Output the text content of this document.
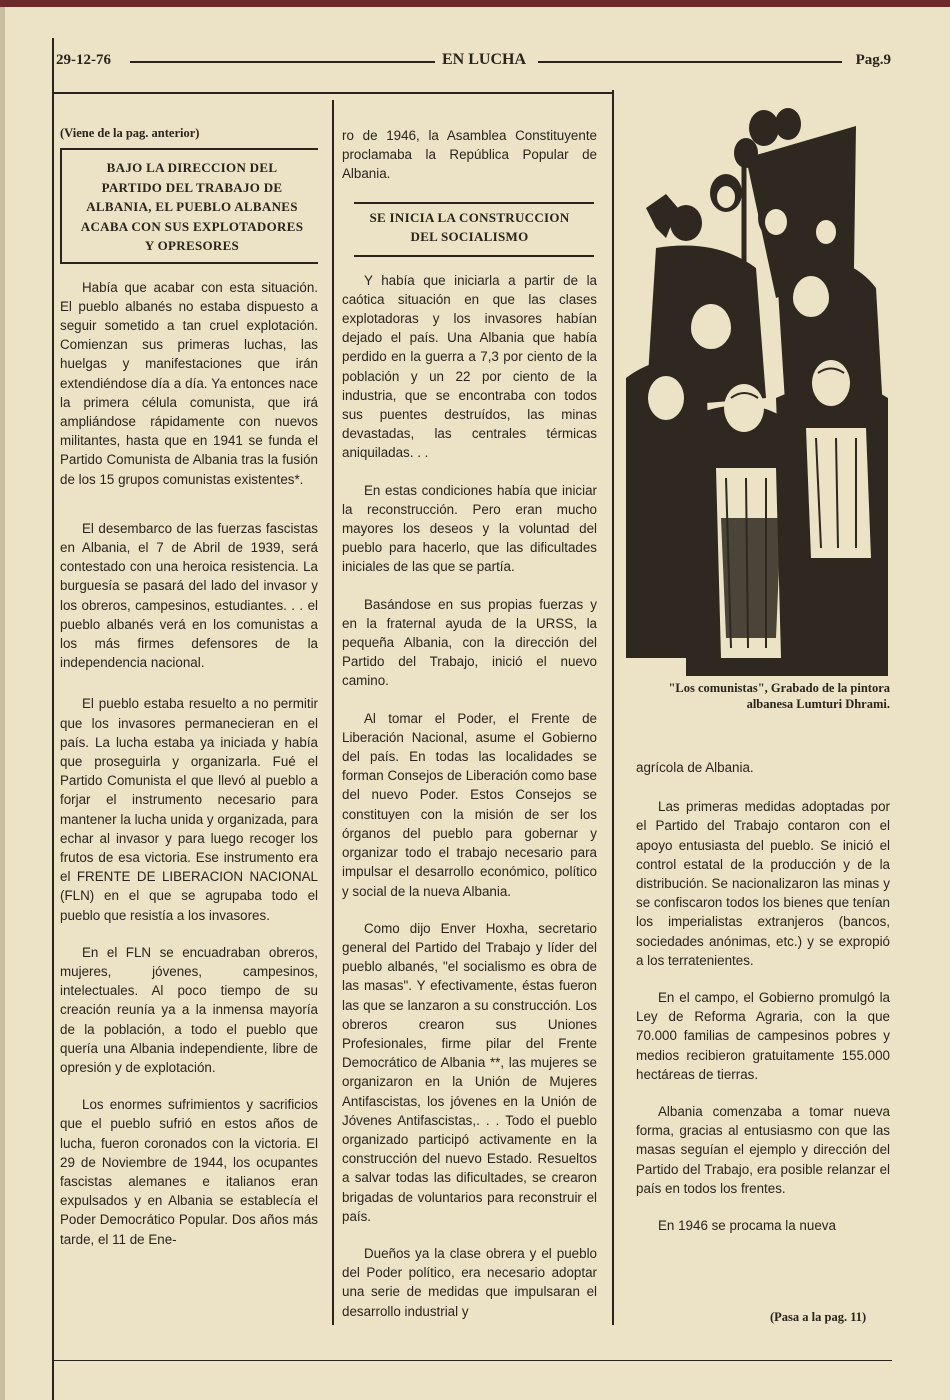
29-12-76	EN LUCHA	Pag.9
(Viene de la pag. anterior)
BAJO LA DIRECCION DEL
PARTIDO DEL TRABAJO DE
ALBANIA, EL PUEBLO ALBANES
ACABA CON SUS EXPLOTADORES
Y OPRESORES

Había que acabar con esta situación. El pueblo albanés no estaba dispuesto a seguir sometido a tan cruel explotación. Comienzan sus primeras luchas, las huelgas y manifestaciones que irán extendiéndose día a día. Ya entonces nace la primera célula comunista, que irá ampliándose rápidamente con nuevos militantes, hasta que en 1941 se funda el Partido Comunista de Albania tras la fusión de los 15 grupos comunistas existentes*.

El desembarco de las fuerzas fascistas en Albania, el 7 de Abril de 1939, será contestado con una heroica resistencia. La burguesía se pasará del lado del invasor y los obreros, campesinos, estudiantes. . . el pueblo albanés verá en los comunistas a los más firmes defensores de la independencia nacional.

El pueblo estaba resuelto a no permitir que los invasores permanecieran en el país. La lucha estaba ya iniciada y había que proseguirla y organizarla. Fué el Partido Comunista el que llevó al pueblo a forjar el instrumento necesario para mantener la lucha unida y organizada, para echar al invasor y para luego recoger los frutos de esa victoria. Ese instrumento era el FRENTE DE LIBERACION NACIONAL (FLN) en el que se agrupaba todo el pueblo que resistía a los invasores.

En el FLN se encuadraban obreros, mujeres, jóvenes, campesinos, intelectuales. Al poco tiempo de su creación reunía ya a la inmensa mayoría de la población, a todo el pueblo que quería una Albania independiente, libre de opresión y de explotación.

Los enormes sufrimientos y sacrificios que el pueblo sufrió en estos años de lucha, fueron coronados con la victoria. El 29 de Noviembre de 1944, los ocupantes fascistas alemanes e italianos eran expulsados y en Albania se establecía el Poder Democrático Popular. Dos años más tarde, el 11 de Ene-

ro de 1946, la Asamblea Constituyente proclamaba la República Popular de Albania.

SE INICIA LA CONSTRUCCION
DEL SOCIALISMO

Y había que iniciarla a partir de la caótica situación en que las clases explotadoras y los invasores habían dejado el país. Una Albania que había perdido en la guerra a 7,3 por ciento de la población y un 22 por ciento de la industria, que se encontraba con todos sus puentes destruídos, las minas devastadas, las centrales térmicas aniquiladas. . .

En estas condiciones había que iniciar la reconstrucción. Pero eran mucho mayores los deseos y la voluntad del pueblo para hacerlo, que las dificultades iniciales de las que se partía.

Basándose en sus propias fuerzas y en la fraternal ayuda de la URSS, la pequeña Albania, con la dirección del Partido del Trabajo, inició el nuevo camino.

Al tomar el Poder, el Frente de Liberación Nacional, asume el Gobierno del país. En todas las localidades se forman Consejos de Liberación como base del nuevo Poder. Estos Consejos se constituyen con la misión de ser los órganos del pueblo para gobernar y organizar todo el trabajo necesario para impulsar el desarrollo económico, político y social de la nueva Albania.

Como dijo Enver Hoxha, secretario general del Partido del Trabajo y líder del pueblo albanés, "el socialismo es obra de las masas". Y efectivamente, éstas fueron las que se lanzaron a su construcción. Los obreros crearon sus Uniones Profesionales, firme pilar del Frente Democrático de Albania **, las mujeres se organizaron en la Unión de Mujeres Antifascistas, los jóvenes en la Unión de Jóvenes Antifascistas,. . . Todo el pueblo organizado participó activamente en la construcción del nuevo Estado. Resueltos a salvar todas las dificultades, se crearon brigadas de voluntarios para reconstruir el país.

Dueños ya la clase obrera y el pueblo del Poder político, era necesario adoptar una serie de medidas que impulsaran el desarrollo industrial y

"Los comunistas", Grabado de la pintora albanesa Lumturi Dhrami.

agrícola de Albania.

Las primeras medidas adoptadas por el Partido del Trabajo contaron con el apoyo entusiasta del pueblo. Se inició el control estatal de la producción y de la distribución. Se nacionalizaron las minas y se confiscaron todos los bienes que tenían los imperialistas extranjeros (bancos, sociedades anónimas, etc.) y se expropió a los terratenientes.

En el campo, el Gobierno promulgó la Ley de Reforma Agraria, con la que 70.000 familias de campesinos pobres y medios recibieron gratuitamente 155.000 hectáreas de tierras.

Albania comenzaba a tomar nueva forma, gracias al entusiasmo con que las masas seguían el ejemplo y dirección del Partido del Trabajo, era posible relanzar el país en todos los frentes.

En 1946 se procama la nueva

(Pasa a la pag. 11)
